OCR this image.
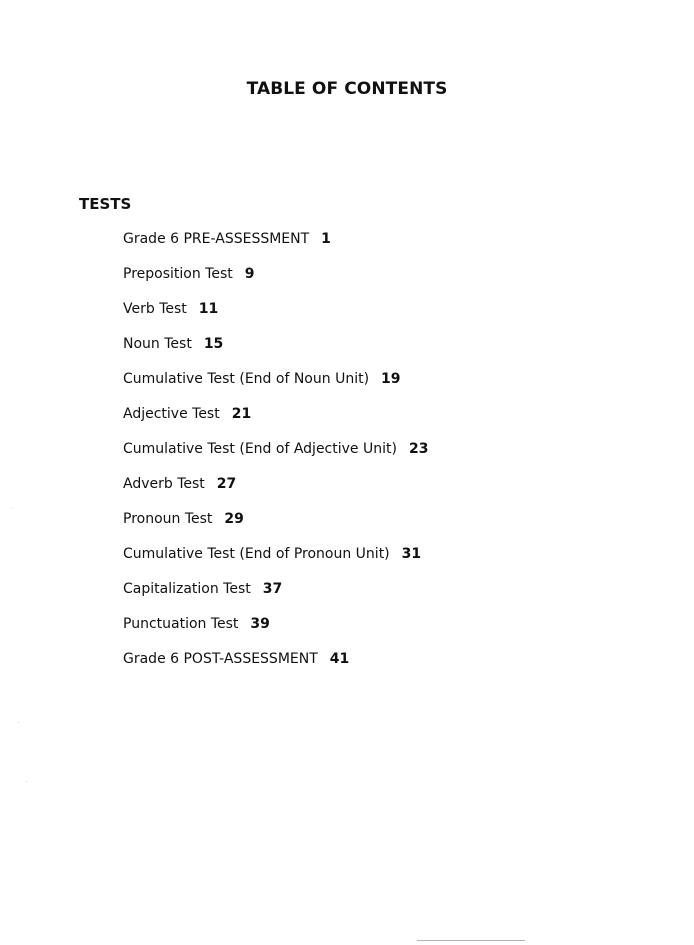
TABLE OF CONTENTS
TESTS
Grade 6 PRE-ASSESSMENT 1
Preposition Test 9
Verb Test 11
Noun Test 15
Cumulative Test (End of Noun Unit) 19
Adjective Test 21
Cumulative Test (End of Adjective Unit) 23
Adverb Test 27
Pronoun Test 29
Cumulative Test (End of Pronoun Unit) 31
Capitalization Test 37
Punctuation Test 39
Grade 6 POST-ASSESSMENT 41
